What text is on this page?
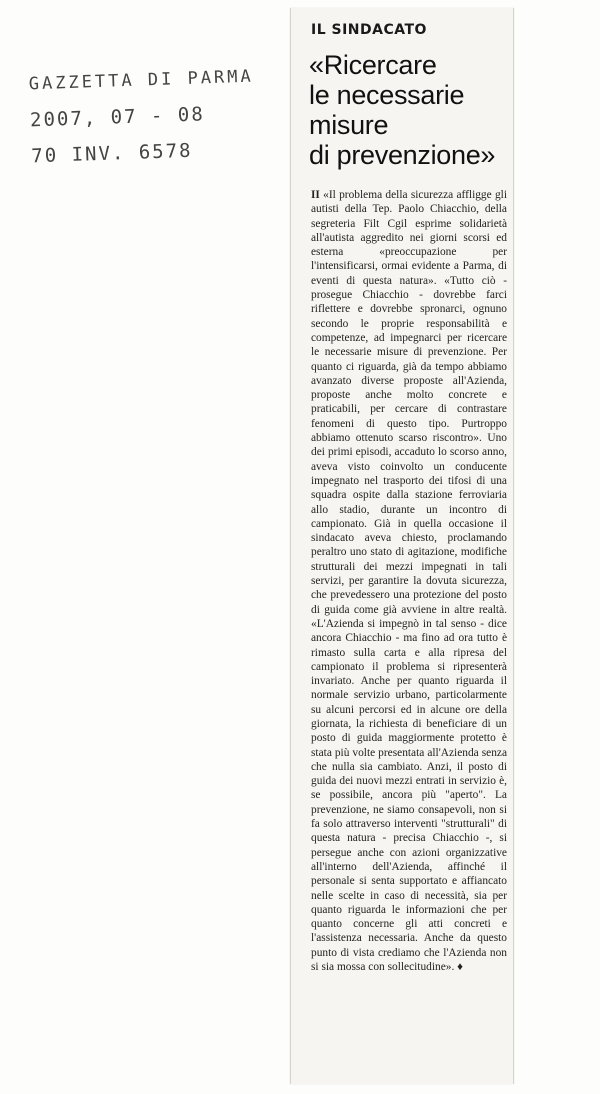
GAZZETTA DI PARMA
2007, 07 - 08
70 INV. 6578
IL SINDACATO
«Ricercare
le necessarie
misure
di prevenzione»
II «Il problema della sicurezza affligge gli autisti della Tep. Paolo Chiacchio, della segreteria Filt Cgil esprime solidarietà all'autista aggredito nei giorni scorsi ed esterna «preoccupazione per l'intensificarsi, ormai evidente a Parma, di eventi di questa natura». «Tutto ciò - prosegue Chiacchio - dovrebbe farci riflettere e dovrebbe spronarci, ognuno secondo le proprie responsabilità e competenze, ad impegnarci per ricercare le necessarie misure di prevenzione. Per quanto ci riguarda, già da tempo abbiamo avanzato diverse proposte all'Azienda, proposte anche molto concrete e praticabili, per cercare di contrastare fenomeni di questo tipo. Purtroppo abbiamo ottenuto scarso riscontro». Uno dei primi episodi, accaduto lo scorso anno, aveva visto coinvolto un conducente impegnato nel trasporto dei tifosi di una squadra ospite dalla stazione ferroviaria allo stadio, durante un incontro di campionato. Già in quella occasione il sindacato aveva chiesto, proclamando peraltro uno stato di agitazione, modifiche strutturali dei mezzi impegnati in tali servizi, per garantire la dovuta sicurezza, che prevedessero una protezione del posto di guida come già avviene in altre realtà. «L'Azienda si impegnò in tal senso - dice ancora Chiacchio - ma fino ad ora tutto è rimasto sulla carta e alla ripresa del campionato il problema si ripresenterà invariato. Anche per quanto riguarda il normale servizio urbano, particolarmente su alcuni percorsi ed in alcune ore della giornata, la richiesta di beneficiare di un posto di guida maggiormente protetto è stata più volte presentata all'Azienda senza che nulla sia cambiato. Anzi, il posto di guida dei nuovi mezzi entrati in servizio è, se possibile, ancora più "aperto". La prevenzione, ne siamo consapevoli, non si fa solo attraverso interventi "strutturali" di questa natura - precisa Chiacchio -, si persegue anche con azioni organizzative all'interno dell'Azienda, affinché il personale si senta supportato e affiancato nelle scelte in caso di necessità, sia per quanto riguarda le informazioni che per quanto concerne gli atti concreti e l'assistenza necessaria. Anche da questo punto di vista crediamo che l'Azienda non si sia mossa con sollecitudine». ♦
